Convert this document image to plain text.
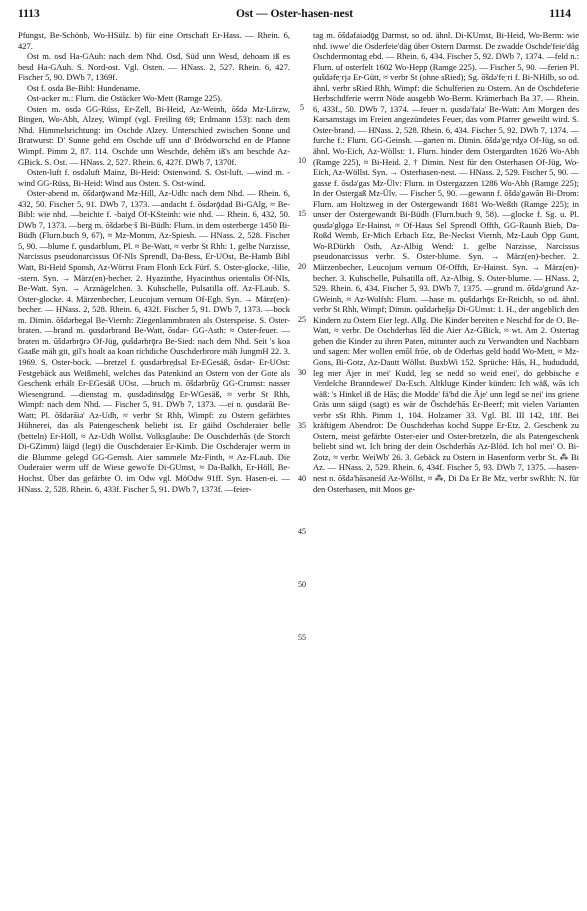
1113	Ost — Oster-hasen-nest	1114

Pfungst, Be-Schönb, Wo-HSülz. b) für eine Ortschaft Er-Hass. — Rhein. 6, 427.

Ost m. osd Ha-GAuh: nach dem Nhd. Osd, Süd unn Wesd, dehoam iß es besd Ha-GAuh. S. Nord-ost. Vgl. Osten. — HNass. 2, 527. Rhein. 6, 427. Fischer 5, 90. DWb 7, 1369f.

Ost f. osda Be-Bibl: Hundename.

Ost-acker m.: Flurn. die Ostäcker Wo-Mett (Ramge 225).

Osten m. osdə GG-Rüss, Er-Zell, Bi-Heid, Az-Weinh, ōšdə Mz-Lörzw, Bingen, Wo-Abh, Alzey, Wimpf (vgl. Freiling 69; Erdmann 153): nach dem Nhd. Himmelsrichtung: im Oschde Alzey. Unterschied zwischen Sonne und Bratwurst: D' Sunne gehd em Oschde uff unn d' Brödworschd en de Pfanne Wimpf. Pimm 2, 87. 114. Oschde unn Weschde, dehēm iß's am beschde Az-GBick. S. Ost. — HNass. 2, 527. Rhein. 6, 427f. DWb 7, 1370f.

Osten-luft f. osdəluft Mainz, Bi-Heid: Ostenwind. S. Ost-luft. —wind m. -wind GG-Rüss, Bi-Heid: Wind aus Osten. S. Ost-wind.

Oster-abend m. ōšdərǭwənd Mz-Hill, Az-Udh: nach dem Nhd. — Rhein. 6, 432, 50. Fischer 5, 91. DWb 7, 1373. —andacht f. ōsdərǭdad Bi-GAlg, ≈ Be-Bibl: wie nhd. —beichte f. -baiχd Of-KSteinh: wie nhd. — Rhein. 6, 432, 50. DWb 7, 1373. —berg m. ōšdərbe̜ˑš Bi-Büdh: Flurn. in dem osterberge 1450 Bi-Büdh (Flurn.buch 9, 67), ≈ Mz-Momm, Az-Spiesh. — HNass. 2, 528. Fischer 5, 90. —blume f. ǫusdərblum, Pl. ≈ Be-Watt, ≈ verbr St Rhh: 1. gelbe Narzisse, Narcissus pseudonarcissus Of-NIs Sprendl, Da-Bess, Er-UOst, Be-Hamb Bibl Watt, Bi-Heid Sponsh, Az-Wörrst Fram Flonh Eck Fürf. S. Oster-glocke, -lilie, -stern. Syn. → März(en)-becher. 2. Hyazinthe, Hyacinthus orientalis Of-NIs, Be-Watt. Syn. → Arznägelchen. 3. Kuhschelle, Pulsatilla off. Az-FLaub. S. Oster-glocke. 4. Märzenbecher, Leucojum vernum Of-Egb. Syn. → März(en)-becher. — HNass. 2, 528. Rhein. 6, 432f. Fischer 5, 91. DWb 7, 1373. —bock m. Dimin. ōšdərbe̜gəl Be-Viernh: Ziegenlammbraten als Osterspeise. S. Oster-braten. —brand m. ǫusdərbrand Be-Watt, ōsdər- GG-Asth: ≈ Oster-feuer. —braten m. ūšdərbrǭrə Of-Jüg, ǫušdərbrǭrə Be-Sied: nach dem Nhd. Seit 's koa Gaaße mäh git, gil's hoalt aa koan richdiche Ouschderbrore mäh JungmH 22. 3. 1969. S. Oster-bock. —bretzel f. ǫusdərbre̜dsəl Er-EGesäß, ōsdər- Er-UOst: Festgebäck aus Weißmehl, welches das Patenkind an Ostern von der Gote als Geschenk erhält Er-EGesäß UOst. —bruch m. ōšdərbrūχ GG-Crumst: nasser Wiesengrund. —dienstag m. ǫusdədiṅsdǭg Er-WGesäß, ≈ verbr St Rhh, Wimpf: nach dem Nhd. — Fischer 5, 91. DWb 7, 1373. —ei n. ǫusdərāi Be-Watt; Pl. ōšdərāiə' Az-Udh, ≈ verbr St Rhh, Wimpf: zu Ostern gefärbtes Hühnerei, das als Patengeschenk beliebt ist. Er gäihd Oschderaier belle (betteln) Er-Höll, ≈ Az-Udh Wöllst. Volksglaube: De Ouschderhās (de Storch Di-GZimm) läigd (legt) die Ouschderaier Er-Kimb. Die Oschderajer werrn in die Blumme gelegd GG-Gernsh. Aier sammele Mz-Finth, ≈ Az-FLaub. Die Ouderaier werrn uff de Wiese gewo'fe Di-GUmst, ≈ Da-Balkh, Er-Höll, Be-Hochst. Über das gefärbte O. im Odw vgl. MöOdw 91ff. Syn. Hasen-ei. — HNass. 2, 528. Rhein. 6, 433f. Fischer 5, 91. DWb 7, 1373f. —feier-

5
10
15
20
25
30
35
40
45
50
55

tag m. ōšdəfaiədǭg Darmst, so od. ähnl. Di-KUmst, Bi-Heid, Wo-Berm: wie nhd. iwwe' die Osderfeie'däg über Ostern Darmst. De zwadde Oschde'feie'dåg Oschdermontag ebd. — Rhein. 6, 434. Fischer 5, 92. DWb 7, 1374. —feld n.: Flurn. uf osterfelt 1602 Wo-Hepp (Ramge 225). — Fischer 5, 90. —ferien Pl. ǫušdəfe̜ˑrjə Er-Gütt, ≈ verbr St (ohne sRied); Sg. ōšdə'fe̜ˑri f. Bi-NHilb, so od. ähnl. verbr sRied Rhh, Wimpf: die Schulferien zu Ostern. An de Oschdeferie Herbschdferie werrn Nöde ausgebb Wo-Berm. Krämerbach Ba 37. — Rhein. 6, 433f., 50. DWb 7, 1374. —feuer n. ǫusdə'faiə' Be-Watt: Am Morgen des Karsamstags im Freien angezündetes Feuer, das vom Pfarrer geweiht wird. S. Oster-brand. — HNass. 2, 528. Rhein. 6, 434. Fischer 5, 92. DWb 7, 1374. —furche f.: Flurn. GG-Geinsh. —garten m. Dimin. ōšdə'ge̜ˑrdχə Of-Jüg, so od. ähnl. Wo-Eich, Az-Wöllst: 1. Flurn. hinder dem Ostergardten 1626 Wo-Abh (Ramge 225), ≈ Bi-Heid. 2. † Dimin. Nest für den Osterhasen Of-Jüg, Wo-Eich, Az-Wöllst. Syn. → Osterhasen-nest. — HNass. 2, 529. Fischer 5, 90. —gasse f. ōsdə'gas Mz-Ülv: Flurn. in Ostergazzen 1286 Wo-Abh (Ramge 225); In der Ostergaß Mz-Ülv. — Fischer 5, 90. —gewann f. ōšdə'gəwān Bi-Drom: Flurn. am Holtzweg in der Ostergewandt 1681 Wo-Weßth (Ramge 225); in unser der Ostergewandt Bi-Büdh (Flurn.buch 9, 58). —glocke f. Sg. u. Pl. ǫusdə'glǫgə Er-Hainst, ≈ Of-Haus Sel Sprendl Offth, GG-Raunh Bieb, Da-Roßd Wemb, Er-Mich Erbach Etz, Be-Neckst Viernh, Mz-Laub Opp Gunt, Wo-RDürkh Osth, Az-Albig Wend: 1. gelbe Narzisse, Narcissus pseudonarcissus verbr. S. Oster-blume. Syn. → März(en)-becher. 2. Märzenbecher, Leucojum vernum Of-Offth, Er-Hainst. Syn. → März(en)-becher. 3. Kuhschelle, Pulsatilla off. Az-Albig. S. Oster-blume. — HNass. 2, 529. Rhein. 6, 434. Fischer 5, 93. DWb 7, 1375. —grund m. ōšdə'grund Az-GWeinh, ≈ Az-Wolfsh: Flurn. —hase m. ǫušdərhǭs Er-Reichh, so od. ähnl. verbr St Rhh, Wimpf; Dimin. ǫušdərhe̜šjə Di-GUmst: 1. H., der angeblich den Kindern zu Ostern Eier legt. Allg. Die Kinder bereiten e Neschd for de O. Be-Watt, ≈ verbr. De Oschderhas lēd die Aier Az-GBick, ≈ wt. Am 2. Ostertag gehen die Kinder zu ihren Paten, mitunter auch zu Verwandten und Nachbarn und sagen: Mer wollen emōl frōe, ob de Oderhas geld hodd Wo-Mett, ≈ Mz-Gons, Bi-Gotz, Az-Dautt Wöllst. BuxbWi 152. Sprüche: Hås, H., hudududd, leg mer Äjer in mei' Kudd, leg se nedd so weid enei', do gebbische e Verdelche Branndewei' Da-Esch. Altkluge Kinder künden: Ich wäß, wās ich wäß: 's Hinkel iß de Hās; die Modde' fä'bd die Äje' unn legd se nei' ins griene Gräs unn säigd (sagt) es wär de Ōschde'hās Er-Beerf; mit vielen Varianten verbr sSt Rhh. Pimm 1, 104. Holzamer 33. Vgl. Bl. III 142, 18f. Bei kräftigem Abendrot: De Ouschderhas kochd Suppe Er-Etz. 2. Geschenk zu Ostern, meist gefärbte Oster-eier und Oster-bretzeln, die als Patengeschenk beliebt sind wt. Ich bring der dein Oschderhās Az-Blöd. Ich hol mei' O. Bi-Zotz, ≈ verbr. WeiWb' 26. 3. Gebäck zu Ostern in Hasenform verbr St. ⁂ Bi Az. — HNass. 2, 529. Rhein. 6, 434f. Fischer 5, 93. DWb 7, 1375. —hasen-nest n. ōšdə'hāsəneśd Az-Wöllst, ≈ ⁂, Di Da Er Be Mz, verbr swRhh: N. für den Osterhasen, mit Moos ge-
